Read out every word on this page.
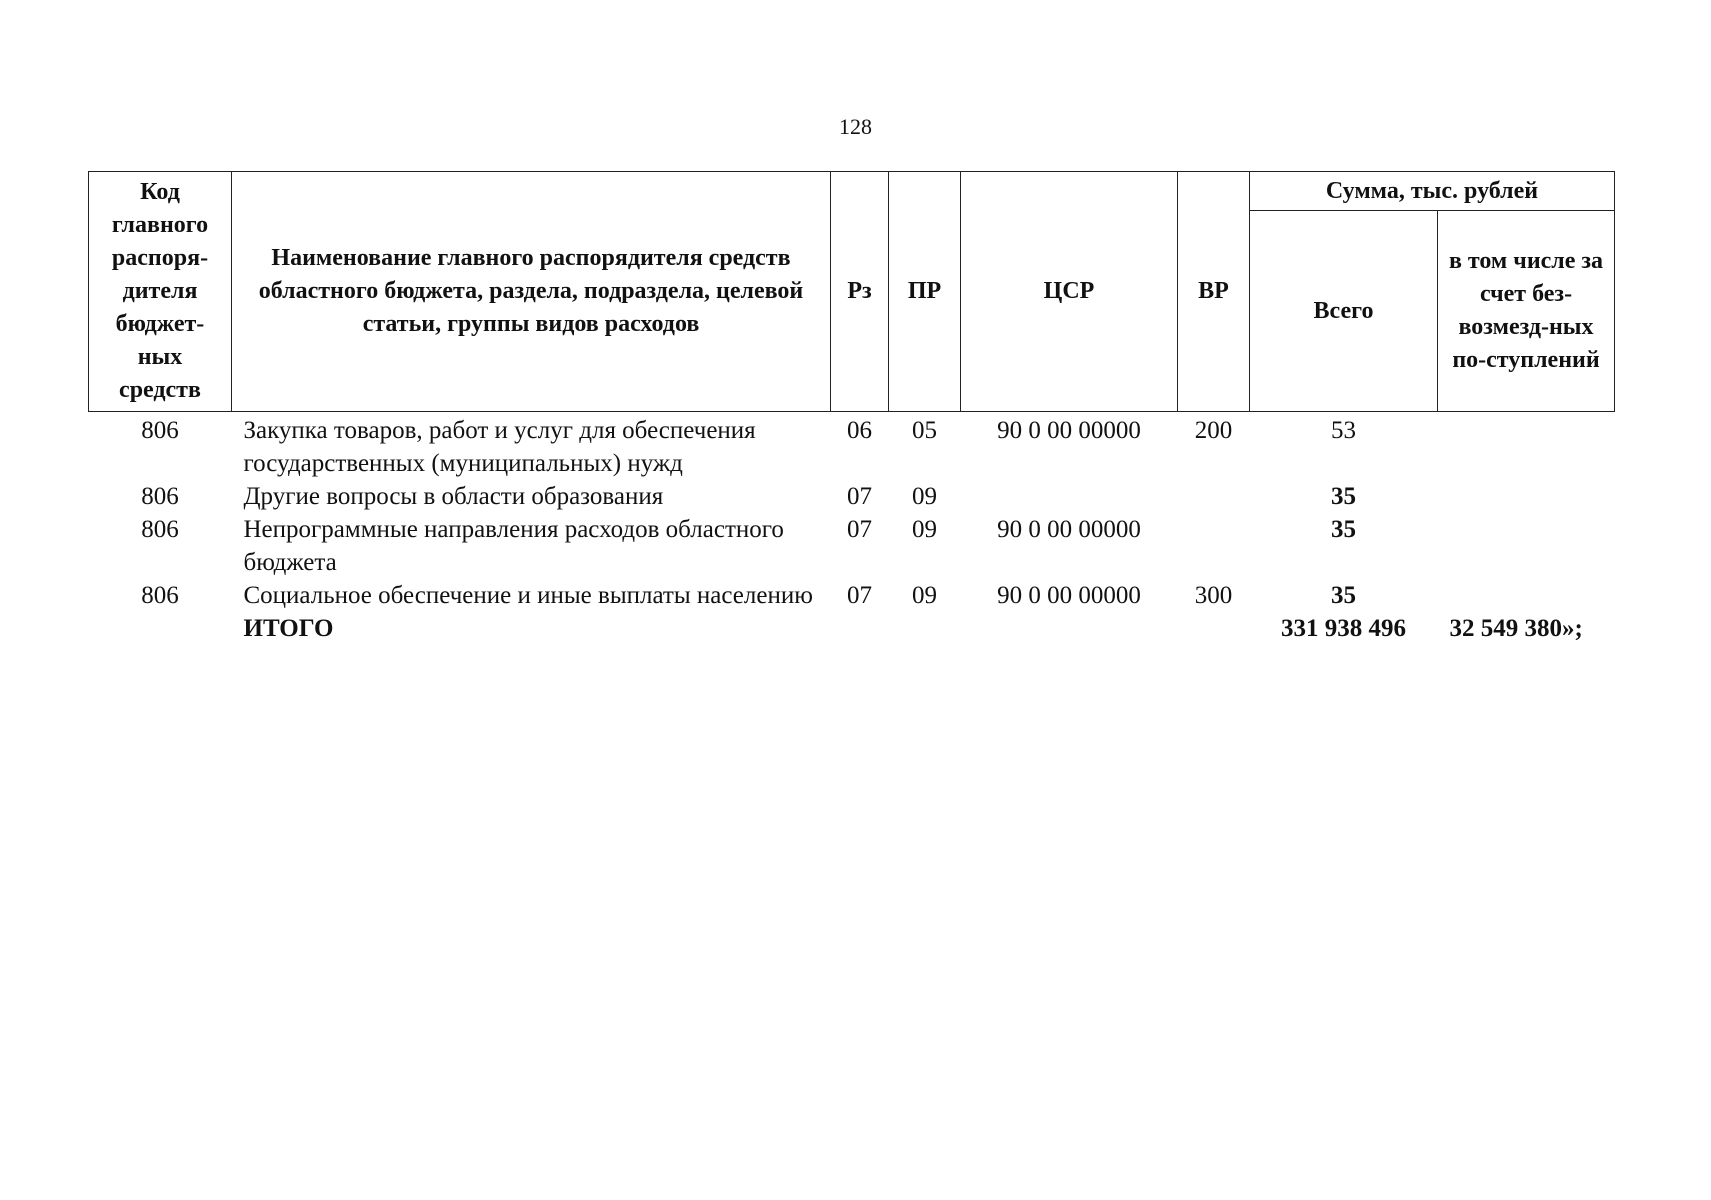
128
Код главного распоря-дителя бюджет-ных средств	Наименование главного распорядителя средств областного бюджета, раздела, подраздела, целевой статьи, группы видов расходов	Рз	ПР	ЦСР	ВР	Сумма, тыс. рублей	
						Всего	в том числе за счет без-возмезд-ных по-ступлений
806	Закупка товаров, работ и услуг для обеспечения государственных (муниципальных) нужд	06	05	90 0 00 00000	200	53	
806	Другие вопросы в области образования	07	09			35	
806	Непрограммные направления расходов областного бюджета	07	09	90 0 00 00000		35	
806	Социальное обеспечение и иные выплаты населению	07	09	90 0 00 00000	300	35	
	ИТОГО					331 938 496	32 549 380»;
